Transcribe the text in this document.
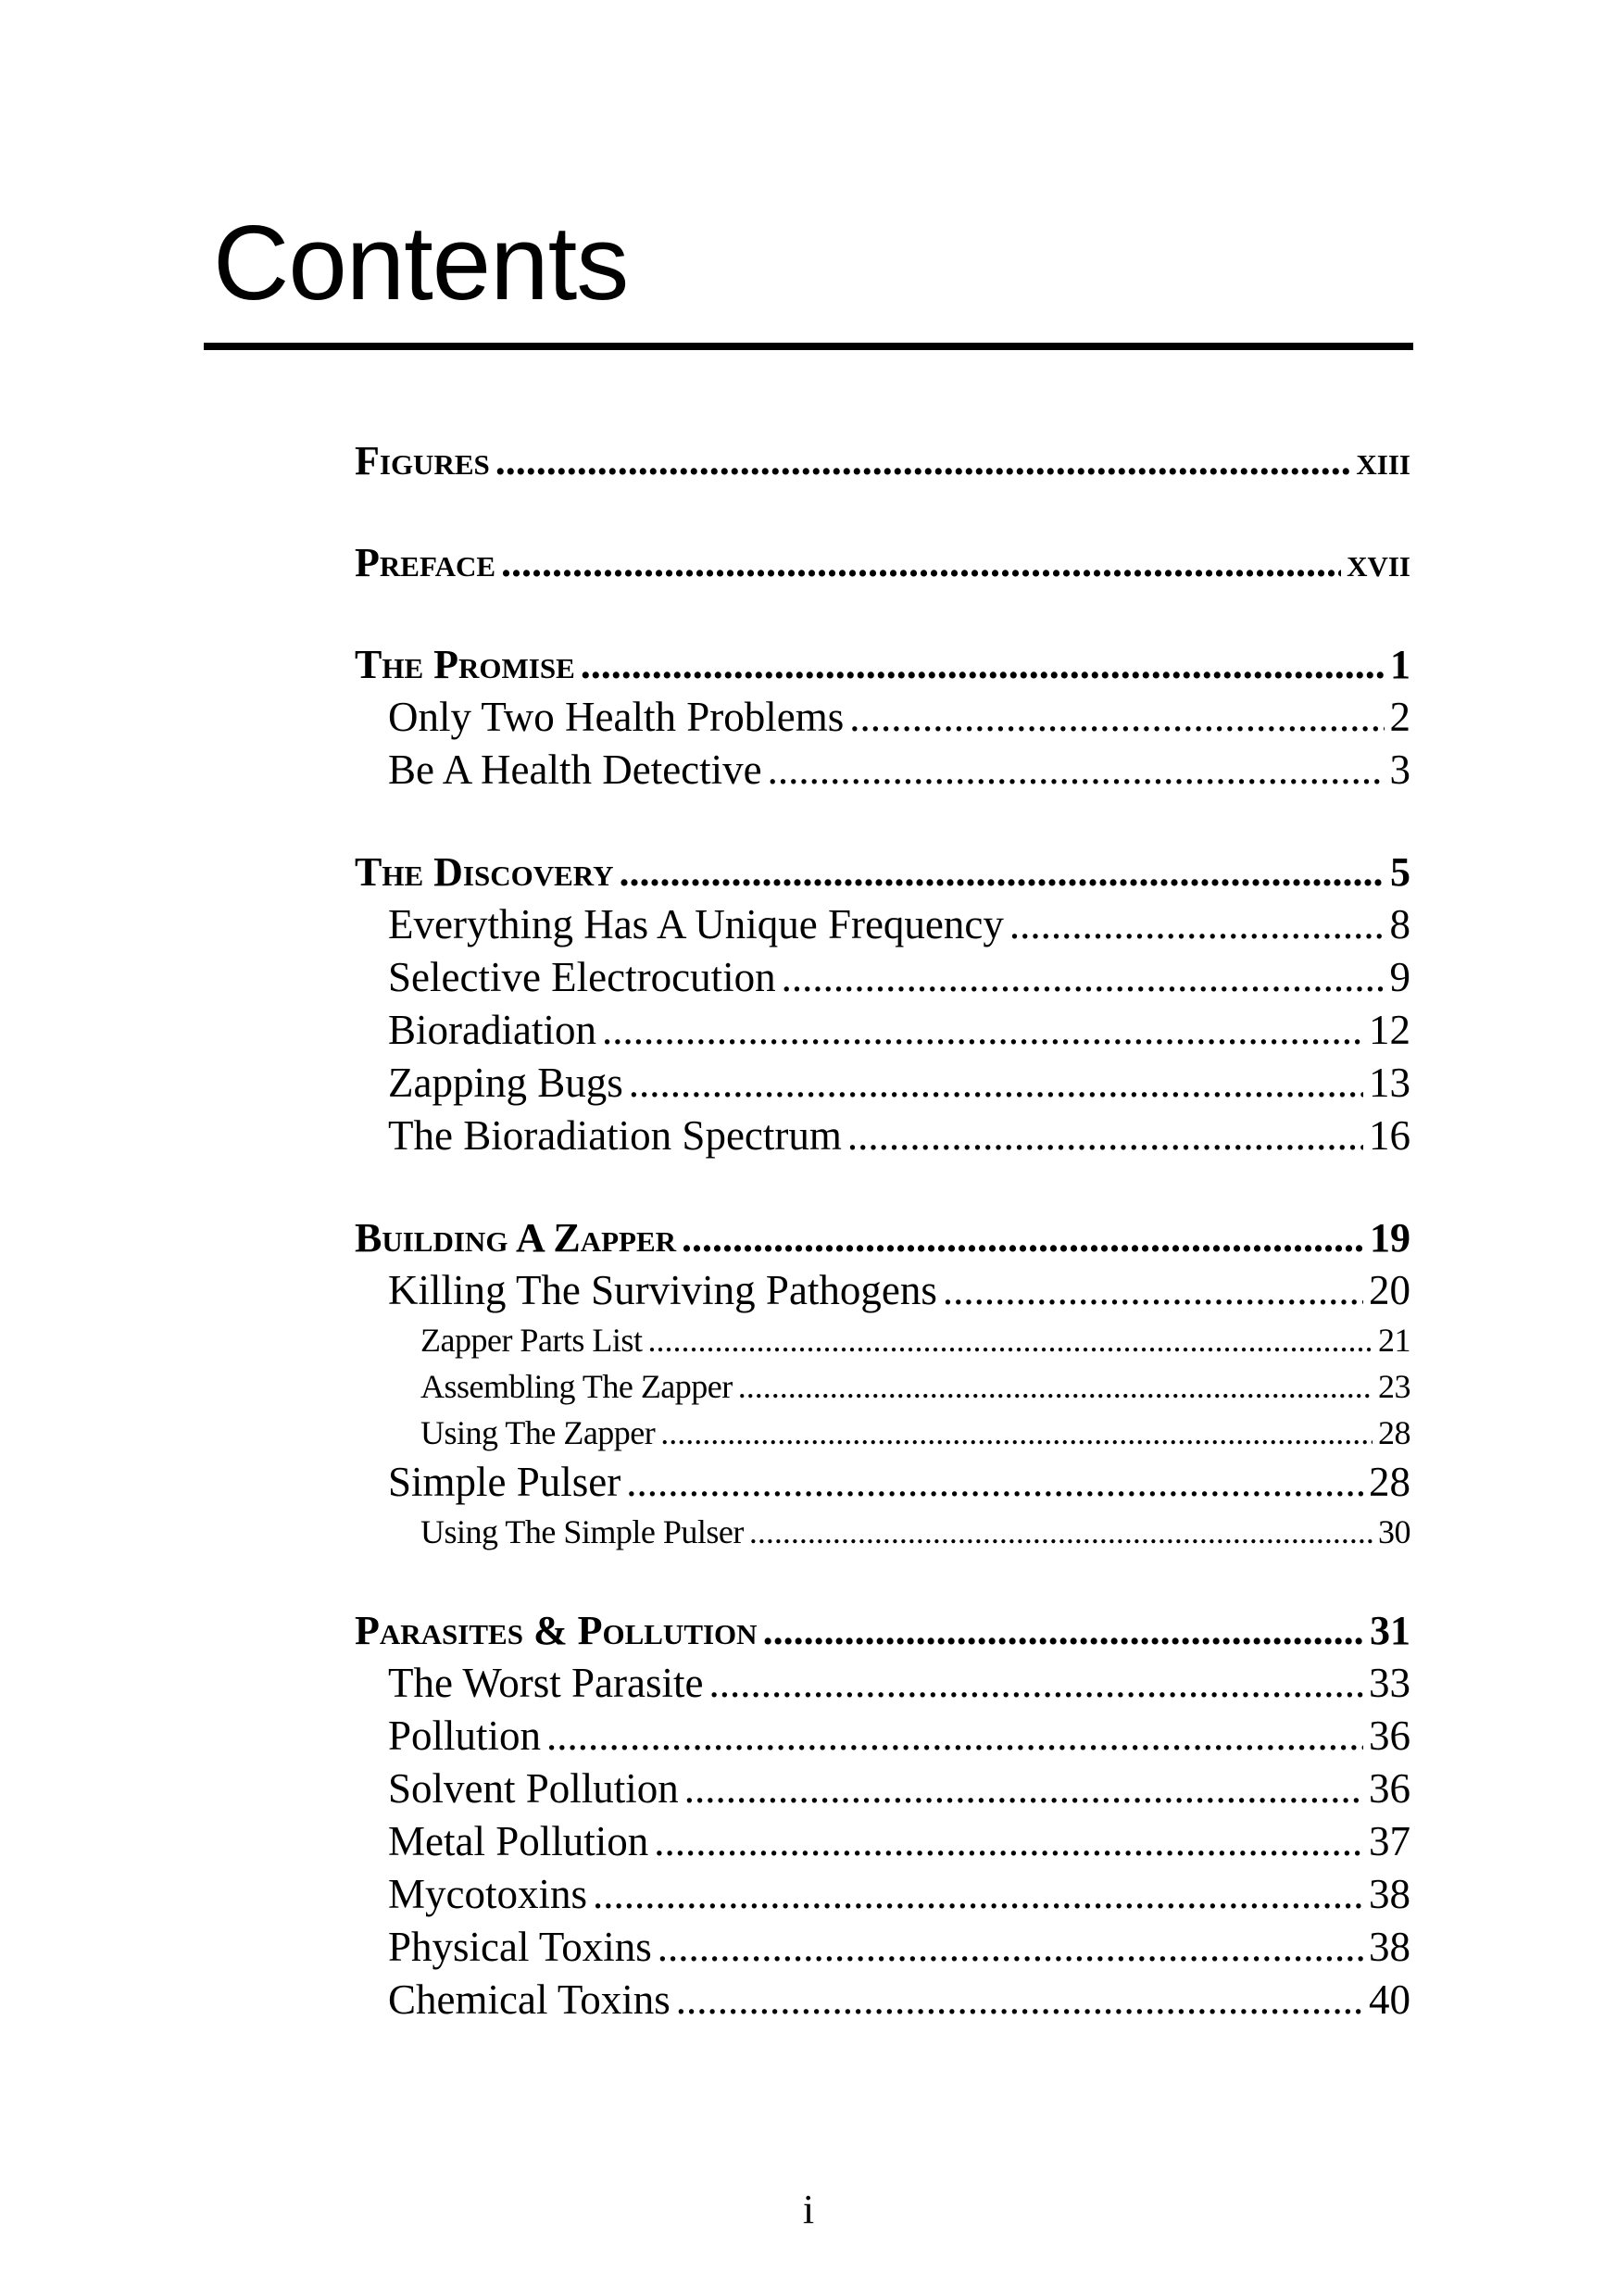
Contents
Figures .....	xiii
Preface .....	xvii
The Promise .....	1
Only Two Health Problems .....	2
Be A Health Detective .....	3
The Discovery .....	5
Everything Has A Unique Frequency .....	8
Selective Electrocution .....	9
Bioradiation .....	12
Zapping Bugs .....	13
The Bioradiation Spectrum .....	16
Building A Zapper .....	19
Killing The Surviving Pathogens .....	20
Zapper Parts List .....	21
Assembling The Zapper .....	23
Using The Zapper .....	28
Simple Pulser .....	28
Using The Simple Pulser .....	30
Parasites & Pollution .....	31
The Worst Parasite .....	33
Pollution .....	36
Solvent Pollution .....	36
Metal Pollution .....	37
Mycotoxins .....	38
Physical Toxins .....	38
Chemical Toxins .....	40
i
